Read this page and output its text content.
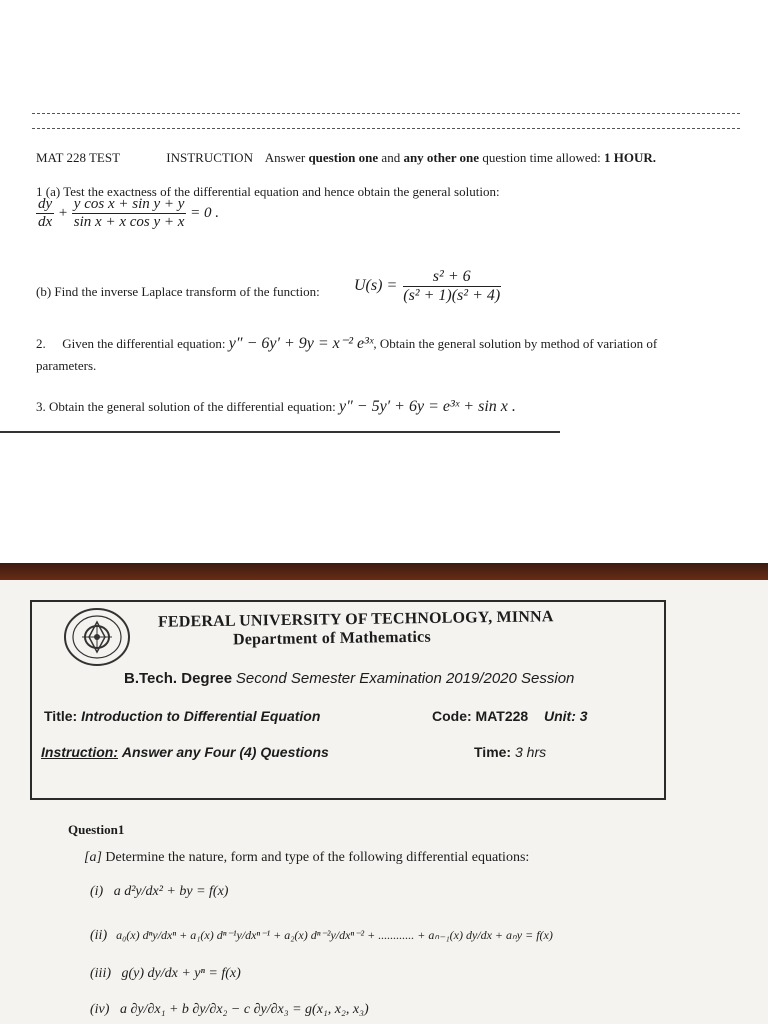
MAT 228 TEST	INSTRUCTION Answer question one and any other one question time allowed: 1 HOUR.
1 (a) Test the exactness of the differential equation and hence obtain the general solution:
$\frac{dy}{dx} + \frac{\text{y cos x + sin y + y}}{\text{sin x + x cos y + x}} = 0$ .
(b) Find the inverse Laplace transform of the function: $U(s) = \frac{\text{s² + 6}}{\text{(s² + 1)(s² + 4)}}$
2. Given the differential equation: y″ − 6y′ + 9y = x⁻² e³ˣ, Obtain the general solution by method of variation of
parameters.
3. Obtain the general solution of the differential equation: y″ − 5y′ + 6y = e³ˣ + sin x .
FEDERAL UNIVERSITY OF TECHNOLOGY, MINNA
Department of Mathematics
B.Tech. Degree Second Semester Examination 2019/2020 Session
Title: Introduction to Differential Equation	Code: MAT228 Unit: 3
Instruction: Answer any Four (4) Questions	Time: 3 hrs
Question1
[a] Determine the nature, form and type of the following differential equations:
(i) a d²y/dx² + by = f(x)
(ii) a₀(x) dⁿy/dxⁿ + a₁(x) dⁿ⁻¹y/dxⁿ⁻¹ + a₂(x) dⁿ⁻²y/dxⁿ⁻² + ............ + aₙ₋₁(x) dy/dx + aₙy = f(x)
(iii) g(y) dy/dx + yⁿ = f(x)
(iv) a ∂y/∂x₁ + b ∂y/∂x₂ − c ∂y/∂x₃ = g(x₁, x₂, x₃)
